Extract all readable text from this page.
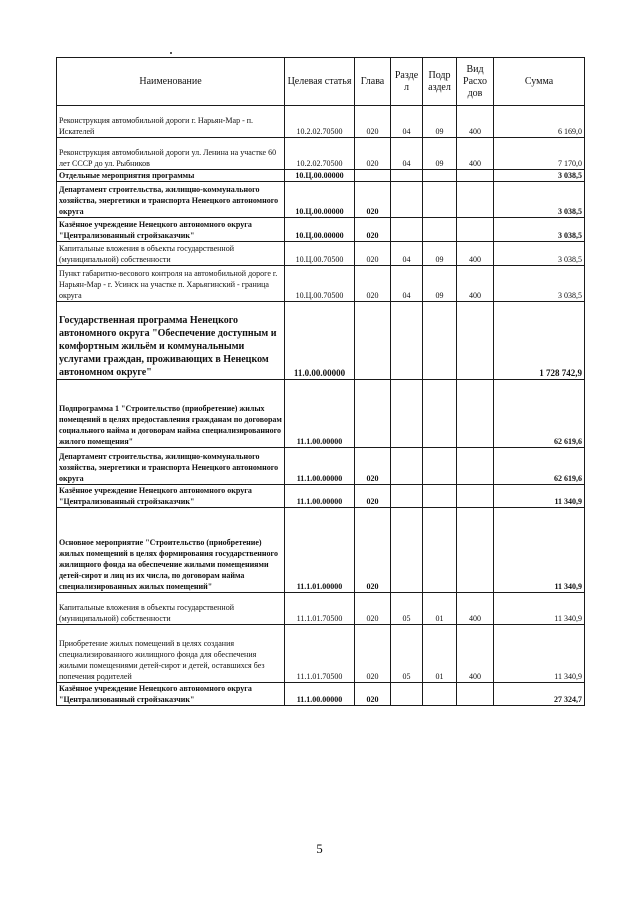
Наименование	Целевая статья	Глава	Разде л	Подр аздел	Вид Расхо дов	Сумма
Реконструкция автомобильной дороги г. Нарьян-Мар - п. Искателей	10.2.02.70500	020	04	09	400	6 169,0
Реконструкция автомобильной дороги ул. Ленина на участке 60 лет СССР до ул. Рыбников	10.2.02.70500	020	04	09	400	7 170,0
Отдельные мероприятия программы	10.Ц.00.00000					3 038,5
Департамент строительства, жилищно-коммунального хозяйства, энергетики и транспорта Ненецкого автономного округа	10.Ц.00.00000	020				3 038,5
Казённое учреждение Ненецкого автономного округа "Централизованный стройзаказчик"	10.Ц.00.00000	020				3 038,5
Капитальные вложения в объекты государственной (муниципальной) собственности	10.Ц.00.70500	020	04	09	400	3 038,5
Пункт габаритно-весового контроля на автомобильной дороге г. Нарьян-Мар - г. Усинск на участке п. Харьягинский - граница округа	10.Ц.00.70500	020	04	09	400	3 038,5
Государственная программа Ненецкого автономного округа "Обеспечение доступным и комфортным жильём и коммунальными услугами граждан, проживающих в Ненецком автономном округе"	11.0.00.00000					1 728 742,9
Подпрограмма 1 "Строительство (приобретение) жилых помещений в целях предоставления гражданам по договорам социального найма и договорам найма специализированного жилого помещения"	11.1.00.00000					62 619,6
Департамент строительства, жилищно-коммунального хозяйства, энергетики и транспорта Ненецкого автономного округа	11.1.00.00000	020				62 619,6
Казённое учреждение Ненецкого автономного округа "Централизованный стройзаказчик"	11.1.00.00000	020				11 340,9
Основное мероприятие "Строительство (приобретение) жилых помещений в целях формирования государственного жилищного фонда на обеспечение жилыми помещениями детей-сирот и лиц из их числа, по договорам найма специализированных жилых помещений"	11.1.01.00000	020				11 340,9
Капитальные вложения в объекты государственной (муниципальной) собственности	11.1.01.70500	020	05	01	400	11 340,9
Приобретение жилых помещений в целях создания специализированного жилищного фонда для обеспечения жилыми помещениями детей-сирот и детей, оставшихся без попечения родителей	11.1.01.70500	020	05	01	400	11 340,9
Казённое учреждение Ненецкого автономного округа "Централизованный стройзаказчик"	11.1.00.00000	020				27 324,7
5
